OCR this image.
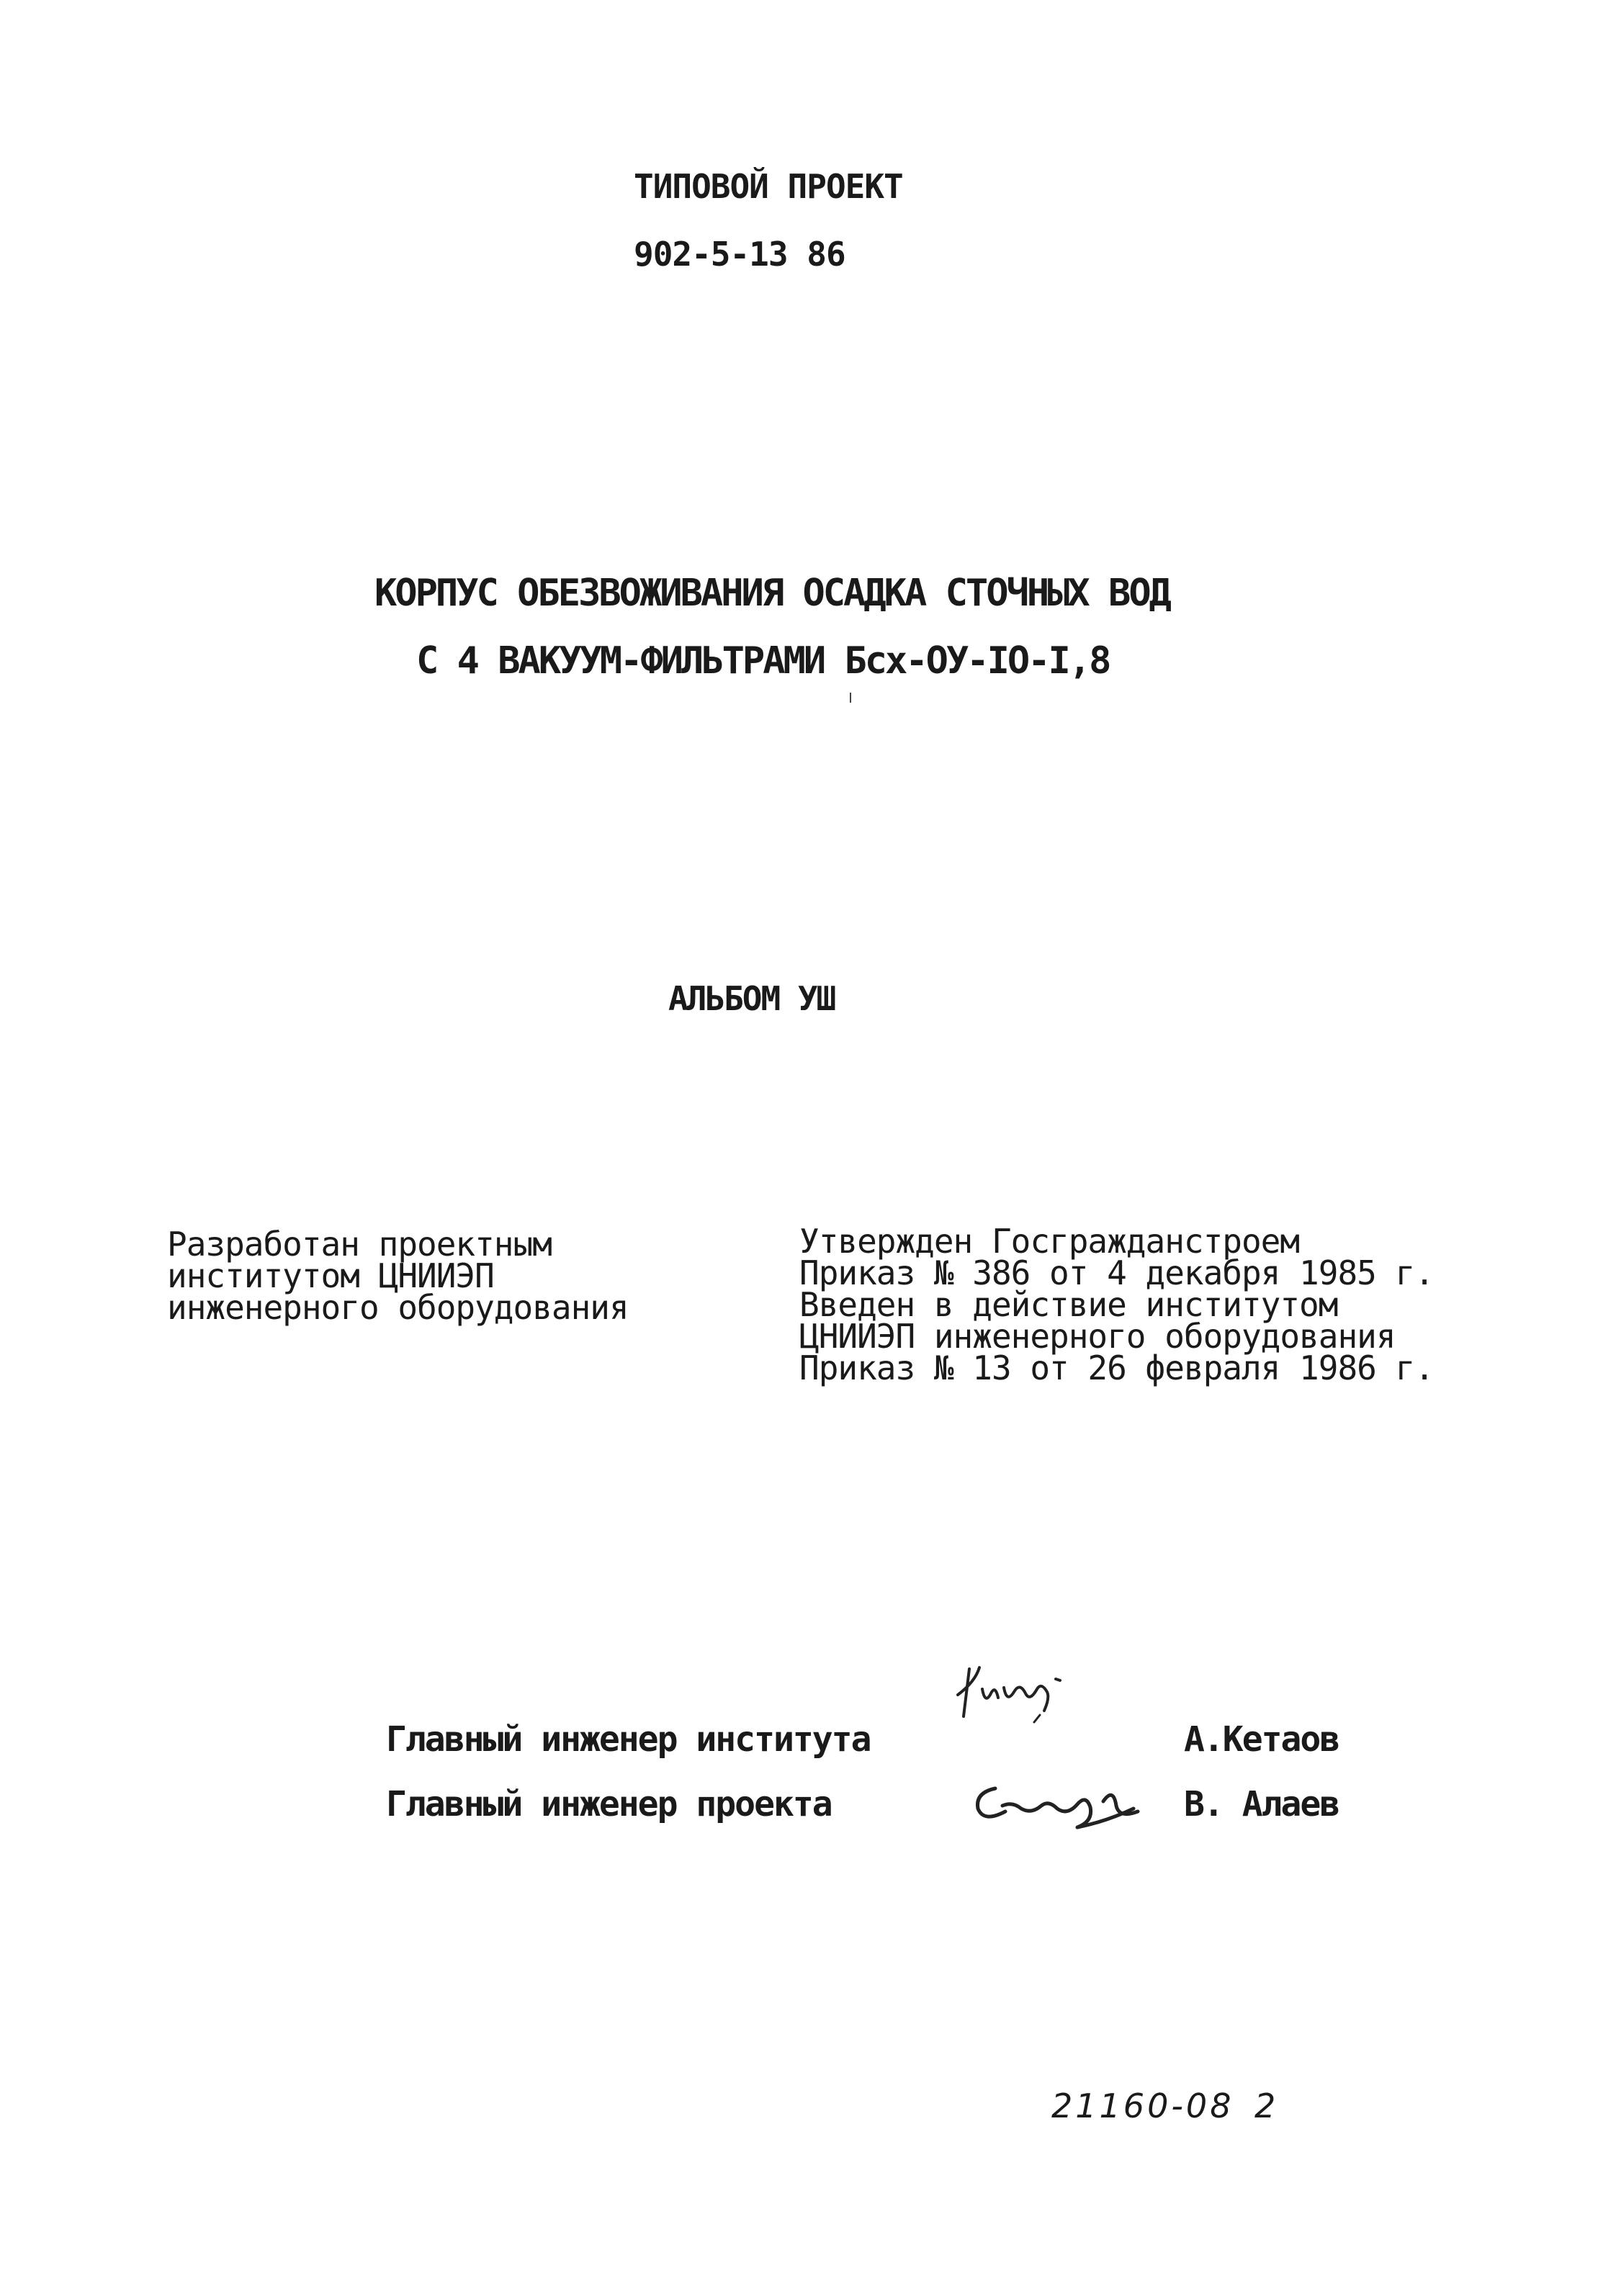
ТИПОВОЙ ПРОЕКТ
902-5-13 86
КОРПУС ОБЕЗВОЖИВАНИЯ ОСАДКА СТОЧНЫХ ВОД
С 4 ВАКУУМ-ФИЛЬТРАМИ Бсх-ОУ-IO-I,8
АЛЬБОМ УШ
Разработан проектным
институтом ЦНИИЭП
инженерного оборудования
Утвержден Госгражданстроем
Приказ № 386 от 4 декабря 1985 г.
Введен в действие институтом
ЦНИИЭП инженерного оборудования
Приказ № 13 от 26 февраля 1986 г.
Главный инженер института	А.Кетаов
Главный инженер проекта	В. Алаев
21160-08 2
